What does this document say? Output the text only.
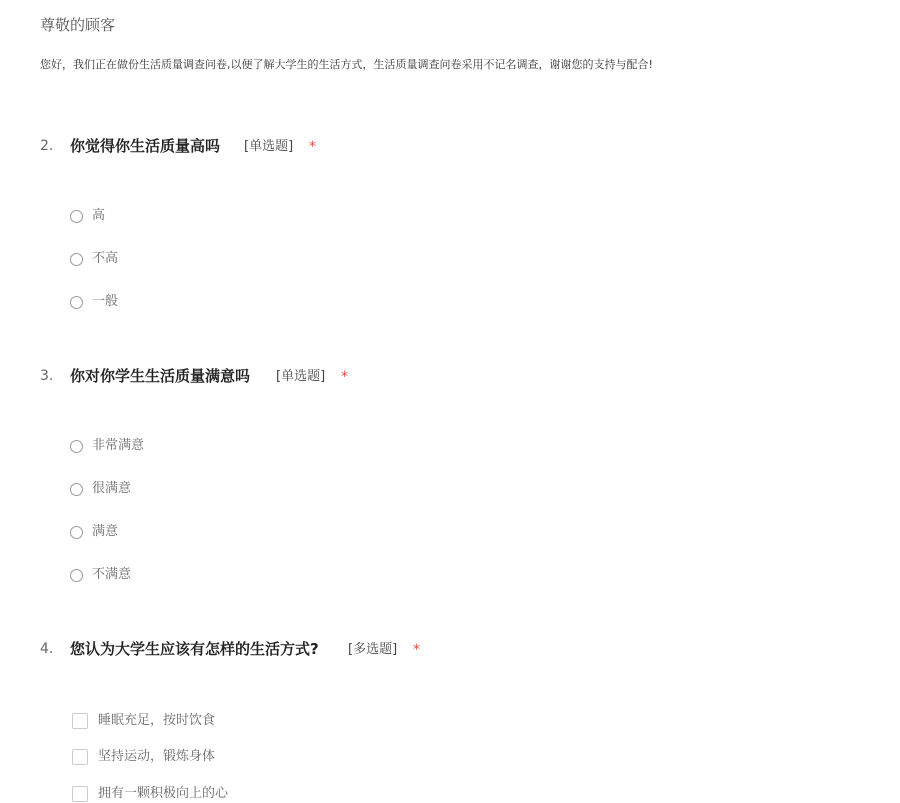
尊敬的顾客
您好，我们正在做份生活质量调查问卷,以便了解大学生的生活方式，生活质量调查问卷采用不记名调查，谢谢您的支持与配合!
2. 你觉得你生活质量高吗 [单选题] *
高
不高
一般
3. 你对你学生生活质量满意吗 [单选题] *
非常满意
很满意
满意
不满意
4. 您认为大学生应该有怎样的生活方式? [多选题] *
睡眠充足，按时饮食
坚持运动，锻炼身体
拥有一颗积极向上的心
